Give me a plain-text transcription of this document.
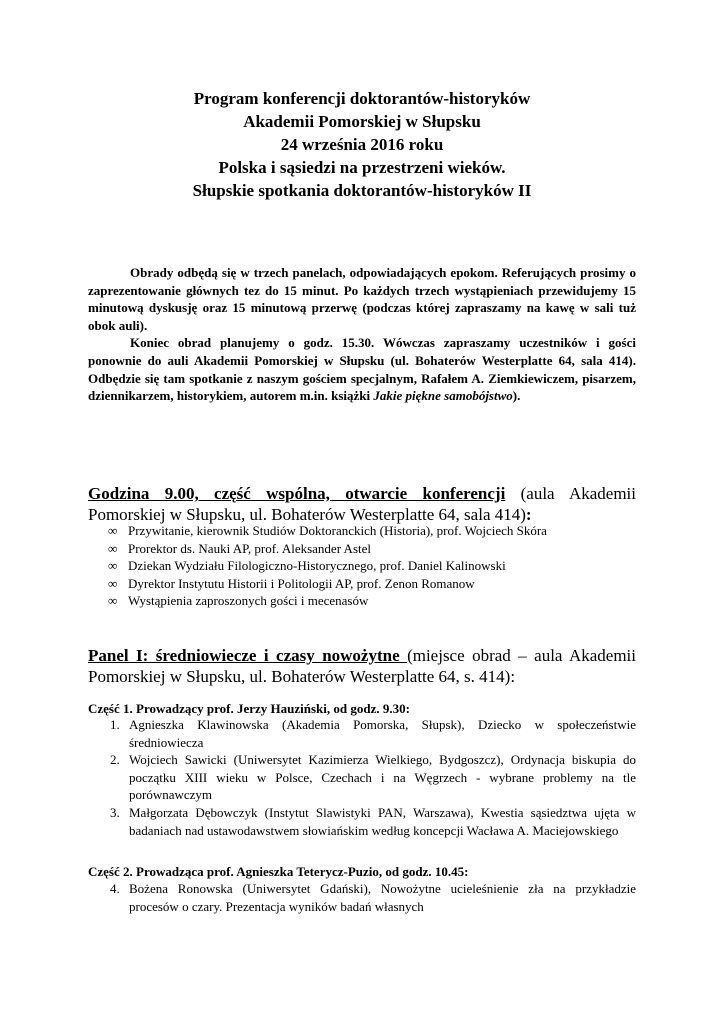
Program konferencji doktorantów-historyków
Akademii Pomorskiej w Słupsku
24 września 2016 roku
Polska i sąsiedzi na przestrzeni wieków.
Słupskie spotkania doktorantów-historyków II

Obrady odbędą się w trzech panelach, odpowiadających epokom. Referujących prosimy o zaprezentowanie głównych tez do 15 minut. Po każdych trzech wystąpieniach przewidujemy 15 minutową dyskusję oraz 15 minutową przerwę (podczas której zapraszamy na kawę w sali tuż obok auli).

Koniec obrad planujemy o godz. 15.30. Wówczas zapraszamy uczestników i gości ponownie do auli Akademii Pomorskiej w Słupsku (ul. Bohaterów Westerplatte 64, sala 414). Odbędzie się tam spotkanie z naszym gościem specjalnym, Rafałem A. Ziemkiewiczem, pisarzem, dziennikarzem, historykiem, autorem m.in. książki Jakie piękne samobójstwo).

Godzina 9.00, część wspólna, otwarcie konferencji (aula Akademii Pomorskiej w Słupsku, ul. Bohaterów Westerplatte 64, sala 414):
∞ Przywitanie, kierownik Studiów Doktoranckich (Historia), prof. Wojciech Skóra
∞ Prorektor ds. Nauki AP, prof. Aleksander Astel
∞ Dziekan Wydziału Filologiczno-Historycznego, prof. Daniel Kalinowski
∞ Dyrektor Instytutu Historii i Politologii AP, prof. Zenon Romanow
∞ Wystąpienia zaproszonych gości i mecenasów
Panel I: średniowiecze i czasy nowożytne (miejsce obrad – aula Akademii Pomorskiej w Słupsku, ul. Bohaterów Westerplatte 64, s. 414):
Część 1. Prowadzący prof. Jerzy Hauziński, od godz. 9.30:
1. Agnieszka Klawinowska (Akademia Pomorska, Słupsk), Dziecko w społeczeństwie średniowiecza
2. Wojciech Sawicki (Uniwersytet Kazimierza Wielkiego, Bydgoszcz), Ordynacja biskupia do początku XIII wieku w Polsce, Czechach i na Węgrzech - wybrane problemy na tle porównawczym
3. Małgorzata Dębowczyk (Instytut Slawistyki PAN, Warszawa), Kwestia sąsiedztwa ujęta w badaniach nad ustawodawstwem słowiańskim według koncepcji Wacława A. Maciejowskiego
Część 2. Prowadząca prof. Agnieszka Teterycz-Puzio, od godz. 10.45:
4. Bożena Ronowska (Uniwersytet Gdański), Nowożytne ucieleśnienie zła na przykładzie procesów o czary. Prezentacja wyników badań własnych
